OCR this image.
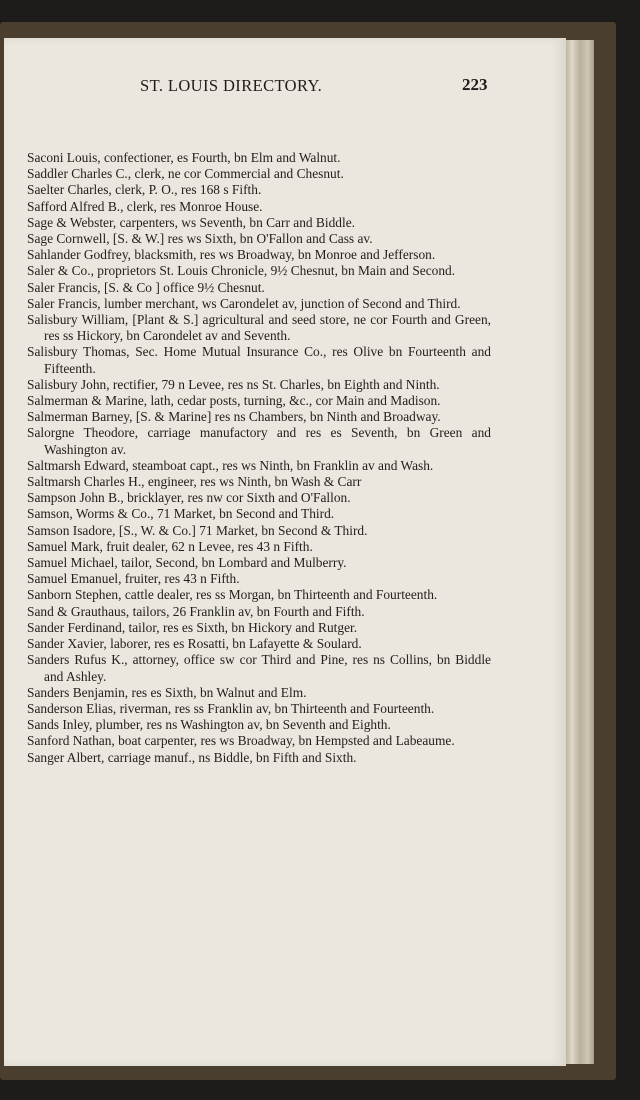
ST. LOUIS DIRECTORY.	223

Saconi Louis, confectioner, es Fourth, bn Elm and Walnut.

Saddler Charles C., clerk, ne cor Commercial and Chesnut.

Saelter Charles, clerk, P. O., res 168 s Fifth.

Safford Alfred B., clerk, res Monroe House.

Sage & Webster, carpenters, ws Seventh, bn Carr and Biddle.

Sage Cornwell, [S. & W.] res ws Sixth, bn O'Fallon and Cass av.

Sahlander Godfrey, blacksmith, res ws Broadway, bn Monroe and Jefferson.

Saler & Co., proprietors St. Louis Chronicle, 9½ Chesnut, bn Main and Second.

Saler Francis, [S. & Co ] office 9½ Chesnut.

Saler Francis, lumber merchant, ws Carondelet av, junction of Second and Third.

Salisbury William, [Plant & S.] agricultural and seed store, ne cor Fourth and Green, res ss Hickory, bn Carondelet av and Seventh.

Salisbury Thomas, Sec. Home Mutual Insurance Co., res Olive bn Fourteenth and Fifteenth.

Salisbury John, rectifier, 79 n Levee, res ns St. Charles, bn Eighth and Ninth.

Salmerman & Marine, lath, cedar posts, turning, &c., cor Main and Madison.

Salmerman Barney, [S. & Marine] res ns Chambers, bn Ninth and Broadway.

Salorgne Theodore, carriage manufactory and res es Seventh, bn Green and Washington av.

Saltmarsh Edward, steamboat capt., res ws Ninth, bn Franklin av and Wash.

Saltmarsh Charles H., engineer, res ws Ninth, bn Wash & Carr

Sampson John B., bricklayer, res nw cor Sixth and O'Fallon.

Samson, Worms & Co., 71 Market, bn Second and Third.

Samson Isadore, [S., W. & Co.] 71 Market, bn Second & Third.

Samuel Mark, fruit dealer, 62 n Levee, res 43 n Fifth.

Samuel Michael, tailor, Second, bn Lombard and Mulberry.

Samuel Emanuel, fruiter, res 43 n Fifth.

Sanborn Stephen, cattle dealer, res ss Morgan, bn Thirteenth and Fourteenth.

Sand & Grauthaus, tailors, 26 Franklin av, bn Fourth and Fifth.

Sander Ferdinand, tailor, res es Sixth, bn Hickory and Rutger.

Sander Xavier, laborer, res es Rosatti, bn Lafayette & Soulard.

Sanders Rufus K., attorney, office sw cor Third and Pine, res ns Collins, bn Biddle and Ashley.

Sanders Benjamin, res es Sixth, bn Walnut and Elm.

Sanderson Elias, riverman, res ss Franklin av, bn Thirteenth and Fourteenth.

Sands Inley, plumber, res ns Washington av, bn Seventh and Eighth.

Sanford Nathan, boat carpenter, res ws Broadway, bn Hempsted and Labeaume.

Sanger Albert, carriage manuf., ns Biddle, bn Fifth and Sixth.
